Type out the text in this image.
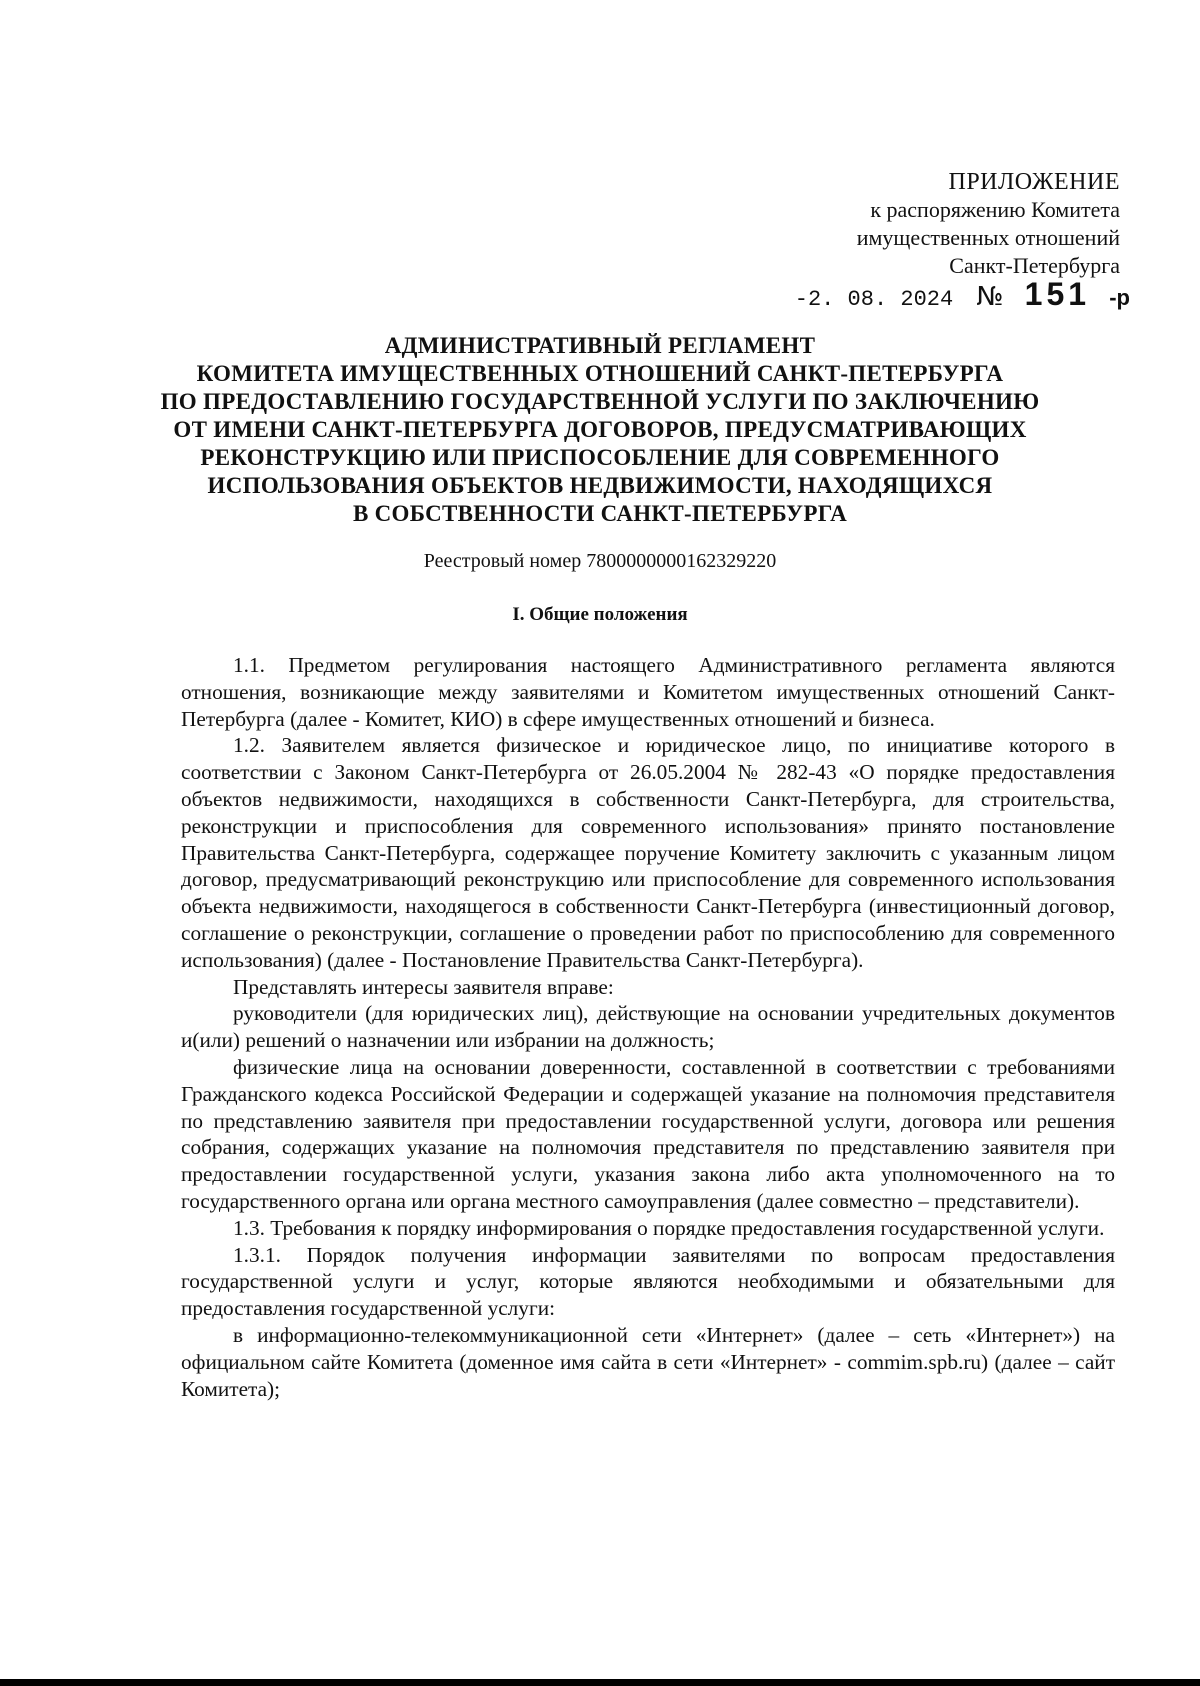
ПРИЛОЖЕНИЕ
к распоряжению Комитета
имущественных отношений
Санкт-Петербурга
-2. 08. 2024 № 151 -р
АДМИНИСТРАТИВНЫЙ РЕГЛАМЕНТ
КОМИТЕТА ИМУЩЕСТВЕННЫХ ОТНОШЕНИЙ САНКТ-ПЕТЕРБУРГА
ПО ПРЕДОСТАВЛЕНИЮ ГОСУДАРСТВЕННОЙ УСЛУГИ ПО ЗАКЛЮЧЕНИЮ
ОТ ИМЕНИ САНКТ-ПЕТЕРБУРГА ДОГОВОРОВ, ПРЕДУСМАТРИВАЮЩИХ
РЕКОНСТРУКЦИЮ ИЛИ ПРИСПОСОБЛЕНИЕ ДЛЯ СОВРЕМЕННОГО
ИСПОЛЬЗОВАНИЯ ОБЪЕКТОВ НЕДВИЖИМОСТИ, НАХОДЯЩИХСЯ
В СОБСТВЕННОСТИ САНКТ-ПЕТЕРБУРГА
Реестровый номер 7800000000162329220
I. Общие положения

1.1. Предметом регулирования настоящего Административного регламента являются отношения, возникающие между заявителями и Комитетом имущественных отношений Санкт-Петербурга (далее - Комитет, КИО) в сфере имущественных отношений и бизнеса.

1.2. Заявителем является физическое и юридическое лицо, по инициативе которого в соответствии с Законом Санкт-Петербурга от 26.05.2004 № 282-43 «О порядке предоставления объектов недвижимости, находящихся в собственности Санкт-Петербурга, для строительства, реконструкции и приспособления для современного использования» принято постановление Правительства Санкт-Петербурга, содержащее поручение Комитету заключить с указанным лицом договор, предусматривающий реконструкцию или приспособление для современного использования объекта недвижимости, находящегося в собственности Санкт-Петербурга (инвестиционный договор, соглашение о реконструкции, соглашение о проведении работ по приспособлению для современного использования) (далее - Постановление Правительства Санкт-Петербурга).

Представлять интересы заявителя вправе:

руководители (для юридических лиц), действующие на основании учредительных документов и(или) решений о назначении или избрании на должность;

физические лица на основании доверенности, составленной в соответствии с требованиями Гражданского кодекса Российской Федерации и содержащей указание на полномочия представителя по представлению заявителя при предоставлении государственной услуги, договора или решения собрания, содержащих указание на полномочия представителя по представлению заявителя при предоставлении государственной услуги, указания закона либо акта уполномоченного на то государственного органа или органа местного самоуправления (далее совместно – представители).

1.3. Требования к порядку информирования о порядке предоставления государственной услуги.

1.3.1. Порядок получения информации заявителями по вопросам предоставления государственной услуги и услуг, которые являются необходимыми и обязательными для предоставления государственной услуги:

в информационно-телекоммуникационной сети «Интернет» (далее – сеть «Интернет») на официальном сайте Комитета (доменное имя сайта в сети «Интернет» - commim.spb.ru) (далее – сайт Комитета);
